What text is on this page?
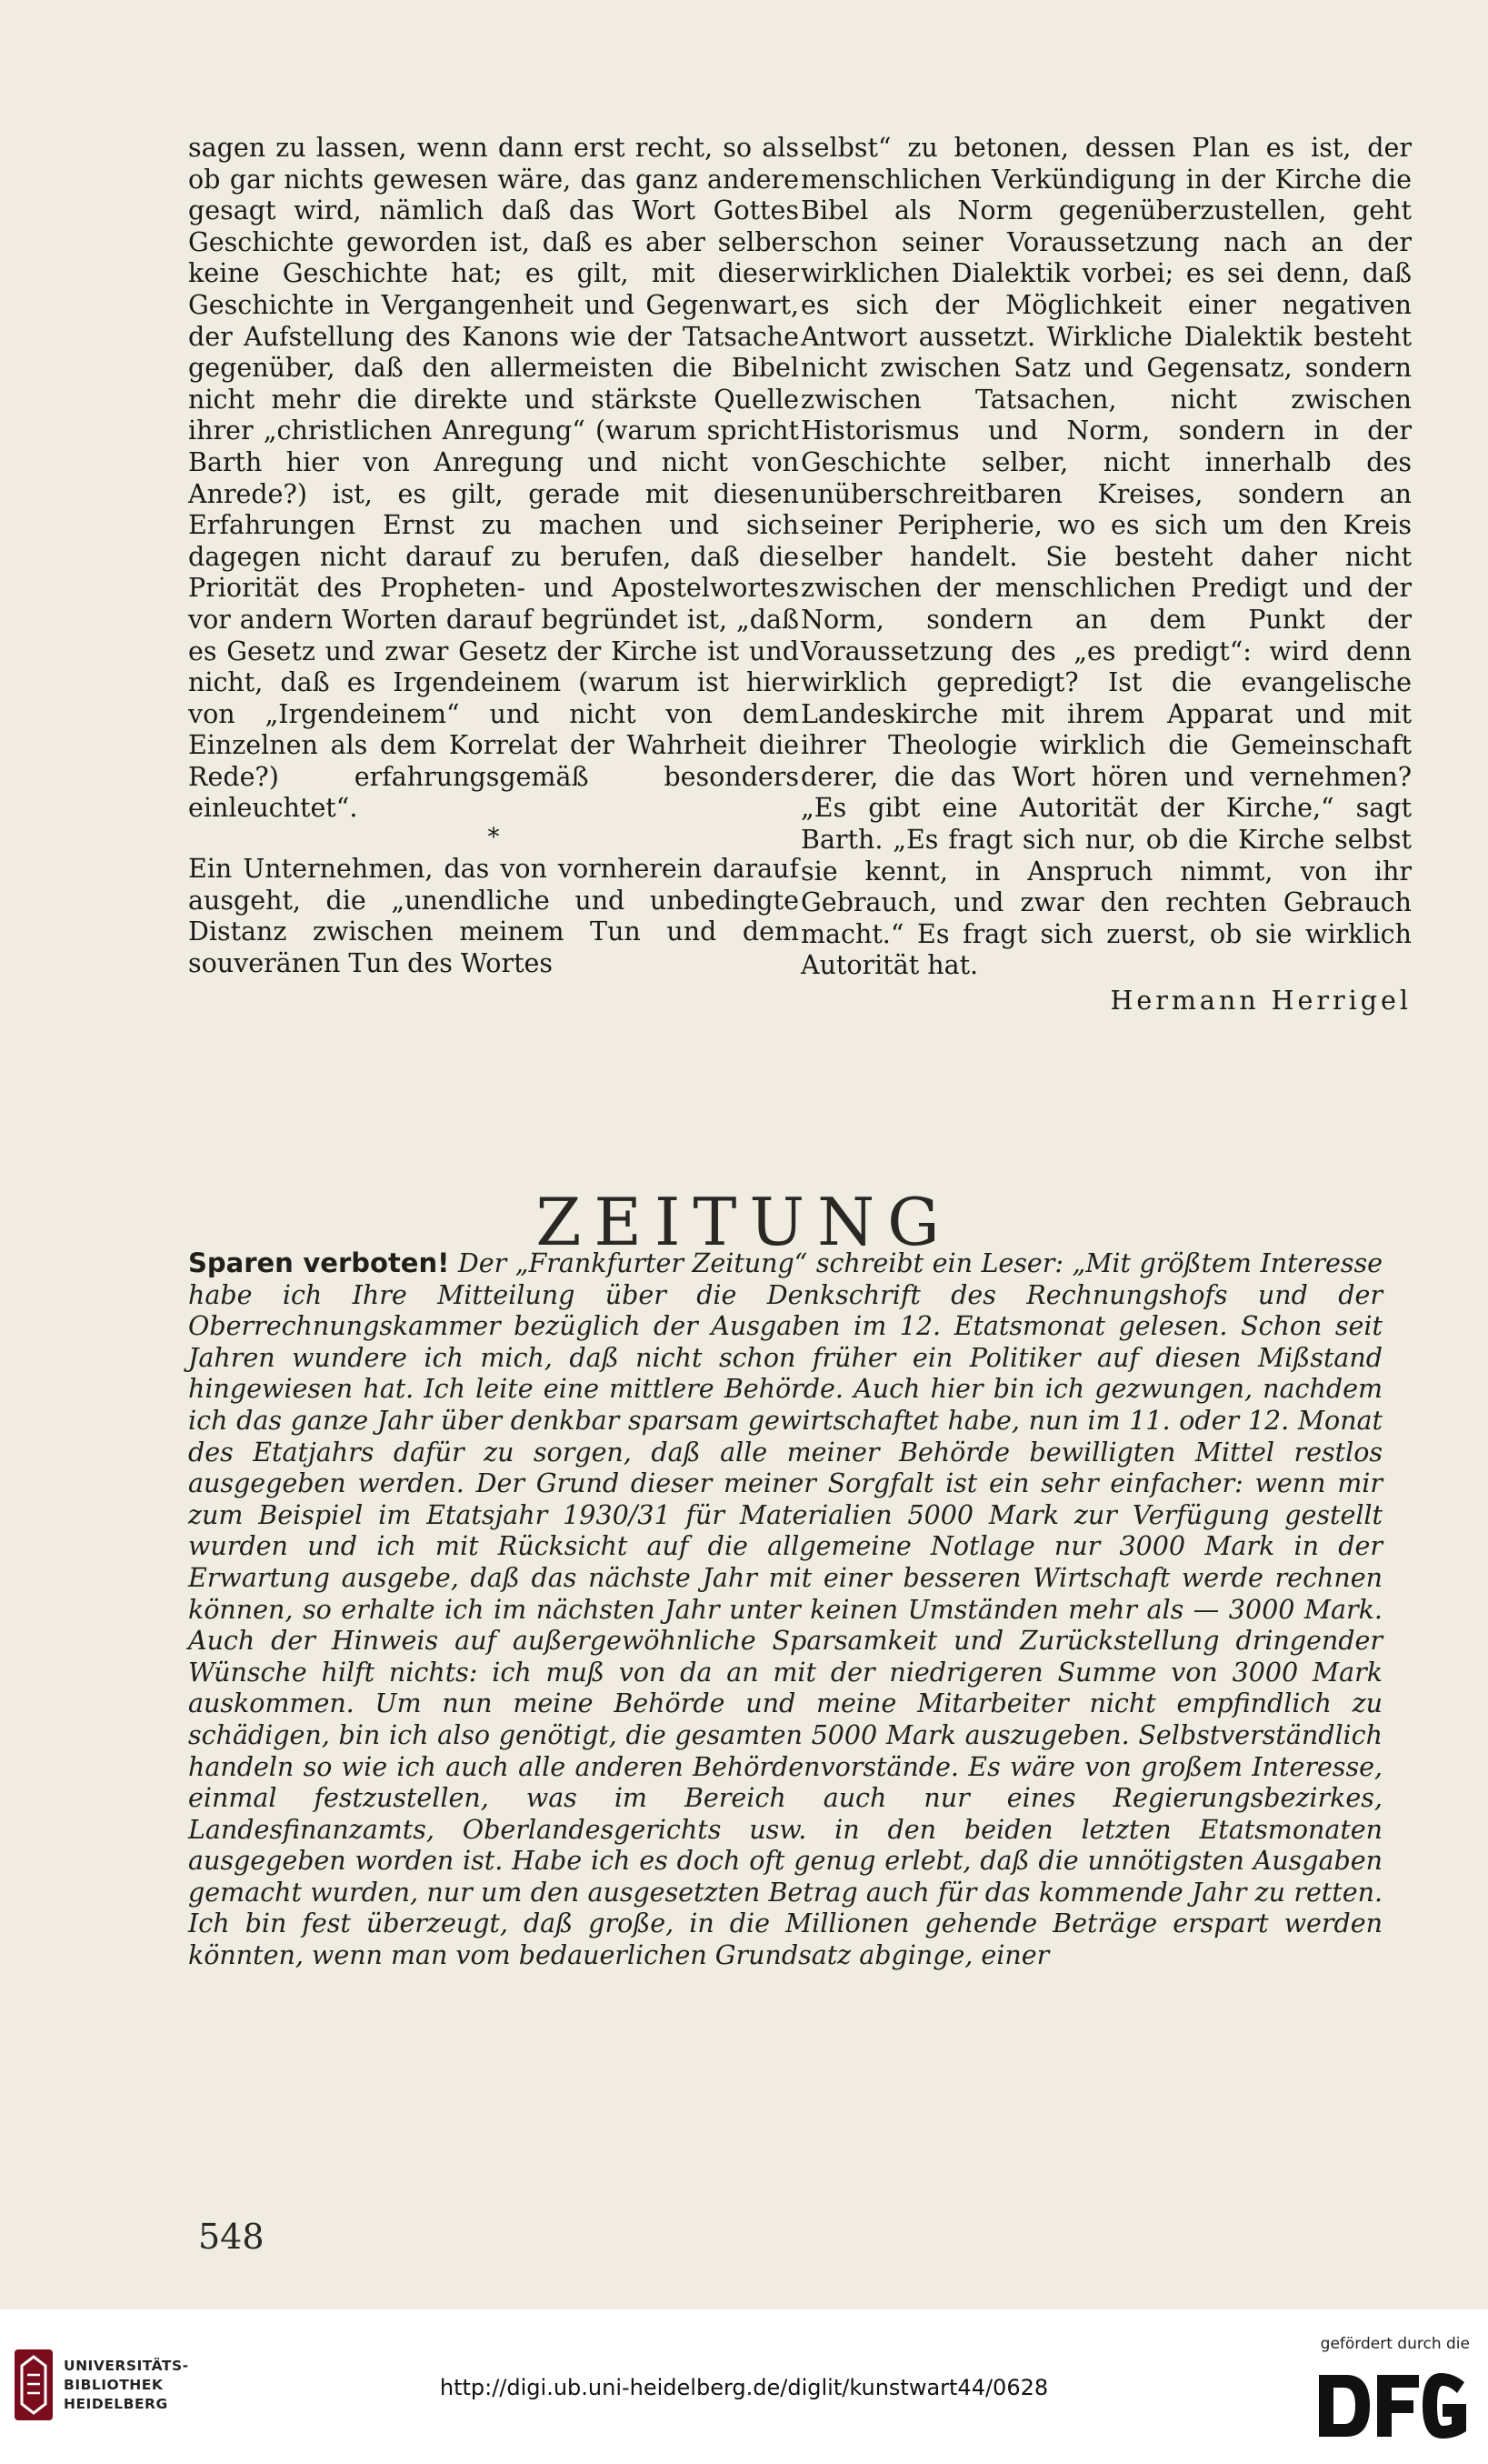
sagen zu lassen, wenn dann erst recht, so als ob gar nichts gewesen wäre, das ganz andere gesagt wird, nämlich daß das Wort Gottes Geschichte geworden ist, daß es aber selber keine Geschichte hat; es gilt, mit dieser Geschichte in Vergangenheit und Gegenwart, der Aufstellung des Kanons wie der Tatsache gegenüber, daß den allermeisten die Bibel nicht mehr die direkte und stärkste Quelle ihrer „christlichen Anregung“ (warum spricht Barth hier von Anregung und nicht von Anrede?) ist, es gilt, gerade mit diesen Erfahrungen Ernst zu machen und sich dagegen nicht darauf zu berufen, daß die Priorität des Propheten- und Apostelwortes vor andern Worten darauf begründet ist, „daß es Gesetz und zwar Gesetz der Kirche ist und nicht, daß es Irgendeinem (warum ist hier von „Irgendeinem“ und nicht von dem Einzelnen als dem Korrelat der Wahrheit die Rede?) erfahrungsgemäß besonders einleuchtet“.

*

Ein Unternehmen, das von vornherein darauf ausgeht, die „unendliche und unbedingte Distanz zwischen meinem Tun und dem souveränen Tun des Wortes

selbst“ zu betonen, dessen Plan es ist, der menschlichen Verkündigung in der Kirche die Bibel als Norm gegenüberzustellen, geht schon seiner Voraussetzung nach an der wirklichen Dialektik vorbei; es sei denn, daß es sich der Möglichkeit einer negativen Antwort aussetzt. Wirkliche Dialektik besteht nicht zwischen Satz und Gegensatz, sondern zwischen Tatsachen, nicht zwischen Historismus und Norm, sondern in der Geschichte selber, nicht innerhalb des unüberschreitbaren Kreises, sondern an seiner Peripherie, wo es sich um den Kreis selber handelt. Sie besteht daher nicht zwischen der menschlichen Predigt und der Norm, sondern an dem Punkt der Voraussetzung des „es predigt“: wird denn wirklich gepredigt? Ist die evangelische Landeskirche mit ihrem Apparat und mit ihrer Theologie wirklich die Gemeinschaft derer, die das Wort hören und vernehmen? „Es gibt eine Autorität der Kirche,“ sagt Barth. „Es fragt sich nur, ob die Kirche selbst sie kennt, in Anspruch nimmt, von ihr Gebrauch, und zwar den rechten Gebrauch macht.“ Es fragt sich zuerst, ob sie wirklich Autorität hat.

Hermann Herrigel

ZEITUNG

Sparen verboten! Der „Frankfurter Zeitung“ schreibt ein Leser: „Mit größtem Interesse habe ich Ihre Mitteilung über die Denkschrift des Rechnungshofs und der Oberrechnungskammer bezüglich der Ausgaben im 12. Etatsmonat gelesen. Schon seit Jahren wundere ich mich, daß nicht schon früher ein Politiker auf diesen Mißstand hingewiesen hat. Ich leite eine mittlere Behörde. Auch hier bin ich gezwungen, nachdem ich das ganze Jahr über denkbar sparsam gewirtschaftet habe, nun im 11. oder 12. Monat des Etatjahrs dafür zu sorgen, daß alle meiner Behörde bewilligten Mittel restlos ausgegeben werden. Der Grund dieser meiner Sorgfalt ist ein sehr einfacher: wenn mir zum Beispiel im Etatsjahr 1930/31 für Materialien 5000 Mark zur Verfügung gestellt wurden und ich mit Rücksicht auf die allgemeine Notlage nur 3000 Mark in der Erwartung ausgebe, daß das nächste Jahr mit einer besseren Wirtschaft werde rechnen können, so erhalte ich im nächsten Jahr unter keinen Umständen mehr als — 3000 Mark. Auch der Hinweis auf außergewöhnliche Sparsamkeit und Zurückstellung dringender Wünsche hilft nichts: ich muß von da an mit der niedrigeren Summe von 3000 Mark auskommen. Um nun meine Behörde und meine Mitarbeiter nicht empfindlich zu schädigen, bin ich also genötigt, die gesamten 5000 Mark auszugeben. Selbstverständlich handeln so wie ich auch alle anderen Behördenvorstände. Es wäre von großem Interesse, einmal festzustellen, was im Bereich auch nur eines Regierungsbezirkes, Landesfinanzamts, Oberlandesgerichts usw. in den beiden letzten Etatsmonaten ausgegeben worden ist. Habe ich es doch oft genug erlebt, daß die unnötigsten Ausgaben gemacht wurden, nur um den ausgesetzten Betrag auch für das kommende Jahr zu retten. Ich bin fest überzeugt, daß große, in die Millionen gehende Beträge erspart werden könnten, wenn man vom bedauerlichen Grundsatz abginge, einer

548
UNIVERSITÄTS-
BIBLIOTHEK
HEIDELBERG
http://digi.ub.uni-heidelberg.de/diglit/kunstwart44/0628
gefördert durch die
